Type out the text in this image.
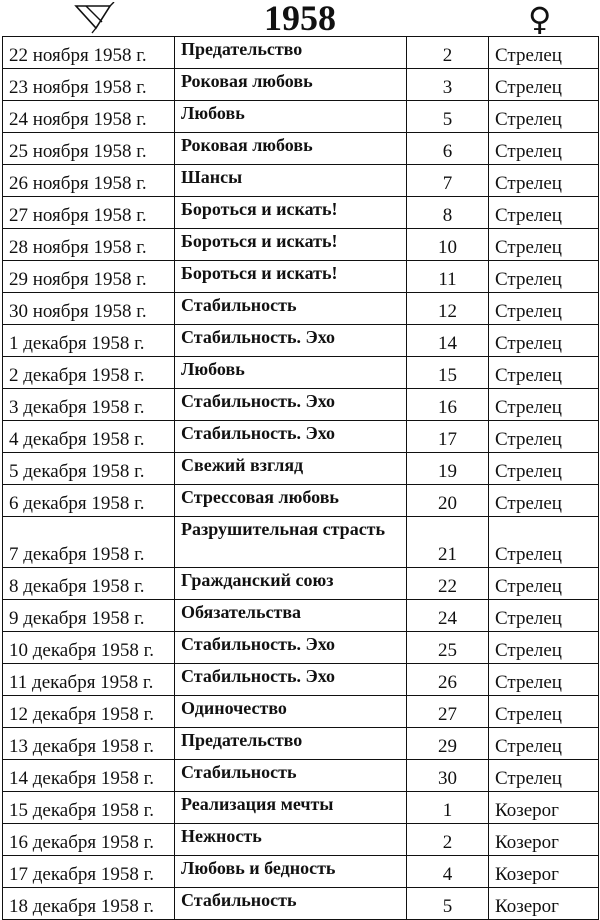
1958	♀
22 ноября 1958 г.	Предательство	2	Стрелец
23 ноября 1958 г.	Роковая любовь	3	Стрелец
24 ноября 1958 г.	Любовь	5	Стрелец
25 ноября 1958 г.	Роковая любовь	6	Стрелец
26 ноября 1958 г.	Шансы	7	Стрелец
27 ноября 1958 г.	Бороться и искать!	8	Стрелец
28 ноября 1958 г.	Бороться и искать!	10	Стрелец
29 ноября 1958 г.	Бороться и искать!	11	Стрелец
30 ноября 1958 г.	Стабильность	12	Стрелец
1 декабря 1958 г.	Стабильность. Эхо	14	Стрелец
2 декабря 1958 г.	Любовь	15	Стрелец
3 декабря 1958 г.	Стабильность. Эхо	16	Стрелец
4 декабря 1958 г.	Стабильность. Эхо	17	Стрелец
5 декабря 1958 г.	Свежий взгляд	19	Стрелец
6 декабря 1958 г.	Стрессовая любовь	20	Стрелец
7 декабря 1958 г.	Разрушительная страсть	21	Стрелец
8 декабря 1958 г.	Гражданский союз	22	Стрелец
9 декабря 1958 г.	Обязательства	24	Стрелец
10 декабря 1958 г.	Стабильность. Эхо	25	Стрелец
11 декабря 1958 г.	Стабильность. Эхо	26	Стрелец
12 декабря 1958 г.	Одиночество	27	Стрелец
13 декабря 1958 г.	Предательство	29	Стрелец
14 декабря 1958 г.	Стабильность	30	Стрелец
15 декабря 1958 г.	Реализация мечты	1	Козерог
16 декабря 1958 г.	Нежность	2	Козерог
17 декабря 1958 г.	Любовь и бедность	4	Козерог
18 декабря 1958 г.	Стабильность	5	Козерог
